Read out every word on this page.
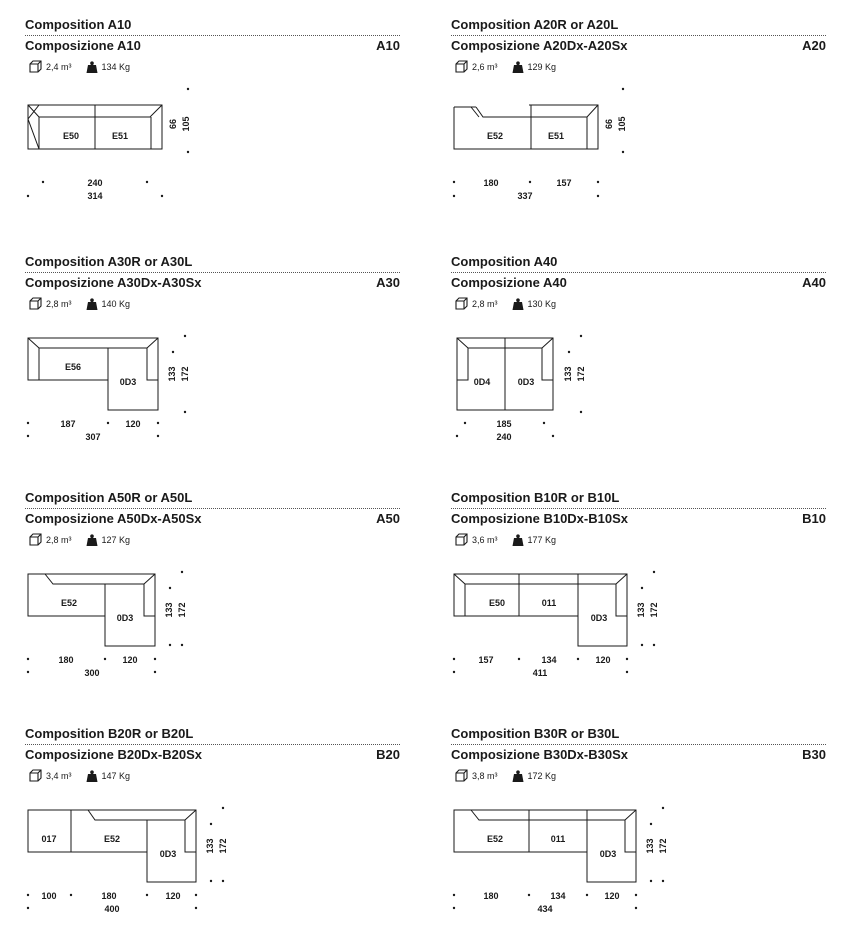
Composition A10
Composizione A10	A10
2,4 m³	134 Kg
E50	E51
66 105
240
314
Composition A20R or A20L
Composizione A20Dx-A20Sx	A20
2,6 m³	129 Kg
E52	E51
66 105
180	157
337
Composition A30R or A30L
Composizione A30Dx-A30Sx	A30
2,8 m³	140 Kg
E56
0D3
133 172
187	120
307
Composition A40
Composizione A40	A40
2,8 m³	130 Kg
0D4	0D3
133 172
185
240
Composition A50R or A50L
Composizione A50Dx-A50Sx	A50
2,8 m³	127 Kg
E52
0D3
133 172
180	120
300
Composition B10R or B10L
Composizione B10Dx-B10Sx	B10
3,6 m³	177 Kg
E50	011
0D3
133 172
157	134	120
411
Composition B20R or B20L
Composizione B20Dx-B20Sx	B20
3,4 m³	147 Kg
017	E52
0D3
133 172
100	180	120
400
Composition B30R or B30L
Composizione B30Dx-B30Sx	B30
3,8 m³	172 Kg
E52	011
0D3
133 172
180	134	120
434
